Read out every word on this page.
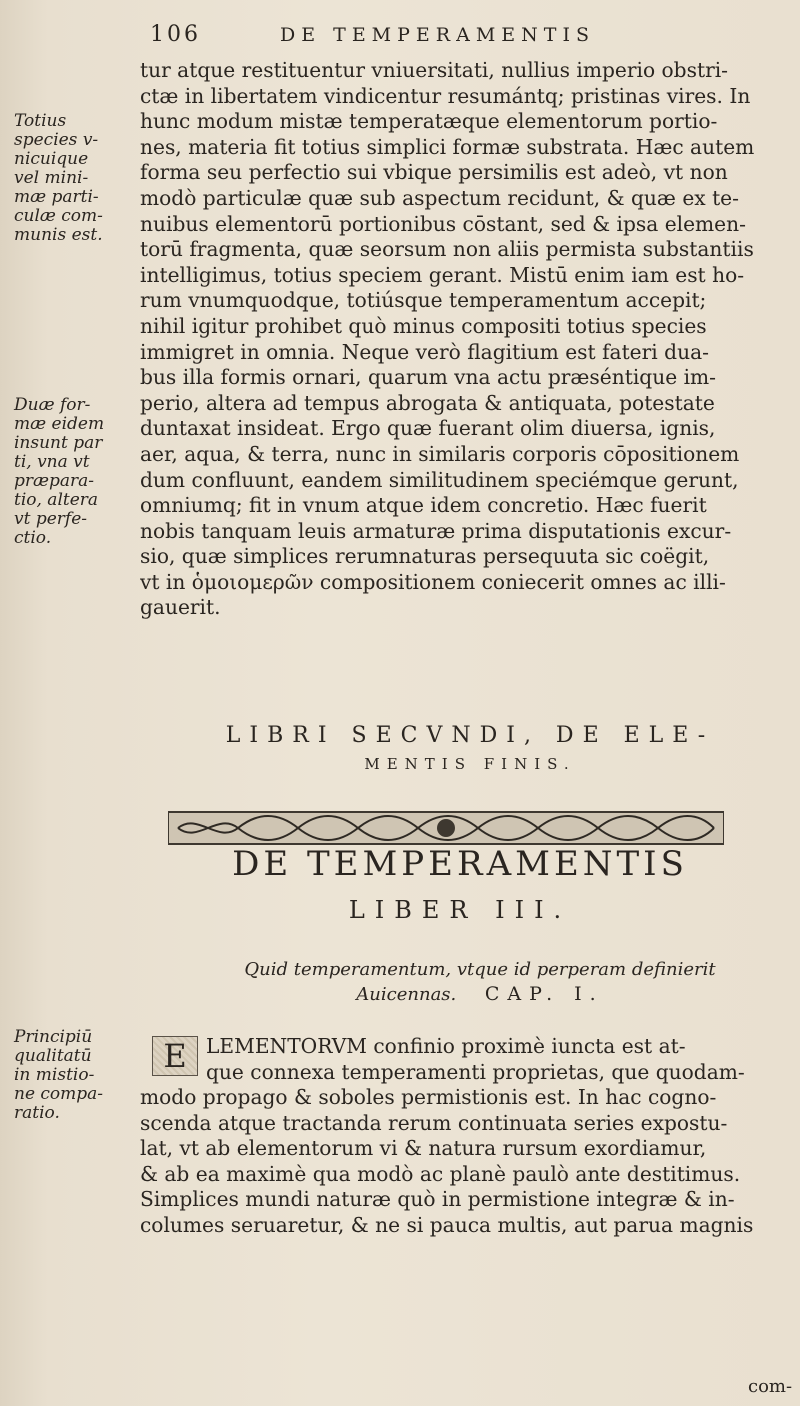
106	DE TEMPERAMENTIS

Totius
species v-
nicuique
vel mini-
mæ parti-
culæ com-
munis est.

Duæ for-
mæ eidem
insunt par
ti, vna vt
præpara-
tio, altera
vt perfe-
ctio.

Principiū
qualitatū
in mistio-
ne compa-
ratio.

tur atque restituentur vniuersitati, nullius imperio obstri-
ctæ in libertatem vindicentur resumántq; pristinas vires. In
hunc modum mistæ temperatæque elementorum portio-
nes, materia fit totius simplici formæ substrata. Hæc autem
forma seu perfectio sui vbique persimilis est adeò, vt non
modò particulæ quæ sub aspectum recidunt, & quæ ex te-
nuibus elementorū portionibus cōstant, sed & ipsa elemen-
torū fragmenta, quæ seorsum non aliis permista substantiis
intelligimus, totius speciem gerant. Mistū enim iam est ho-
rum vnumquodque, totiúsque temperamentum accepit;
nihil igitur prohibet quò minus compositi totius species
immigret in omnia. Neque verò flagitium est fateri dua-
bus illa formis ornari, quarum vna actu præséntique im-
perio, altera ad tempus abrogata & antiquata, potestate
duntaxat insideat. Ergo quæ fuerant olim diuersa, ignis,
aer, aqua, & terra, nunc in similaris corporis cōpositionem
dum confluunt, eandem similitudinem speciémque gerunt,
omniumq; fit in vnum atque idem concretio. Hæc fuerit
nobis tanquam leuis armaturæ prima disputationis excur-
sio, quæ simplices rerumnaturas persequuta sic coëgit,
vt in ὁμοιομερῶν compositionem coniecerit omnes ac illi-
gauerit.
LIBRI SECVNDI, DE ELE-
MENTIS FINIS.
DE TEMPERAMENTIS
LIBER III.
Quid temperamentum, vtque id perperam definierit
Auicennas. CAP. I.
E LEMENTORVM confinio proximè iuncta est at-
que connexa temperamenti proprietas, que quodam-
modo propago & soboles permistionis est. In hac cogno-
scenda atque tractanda rerum continuata series expostu-
lat, vt ab elementorum vi & natura rursum exordiamur,
& ab ea maximè qua modò ac planè paulò ante destitimus.
Simplices mundi naturæ quò in permistione integræ & in-
columes seruaretur, & ne si pauca multis, aut parua magnis
com-
